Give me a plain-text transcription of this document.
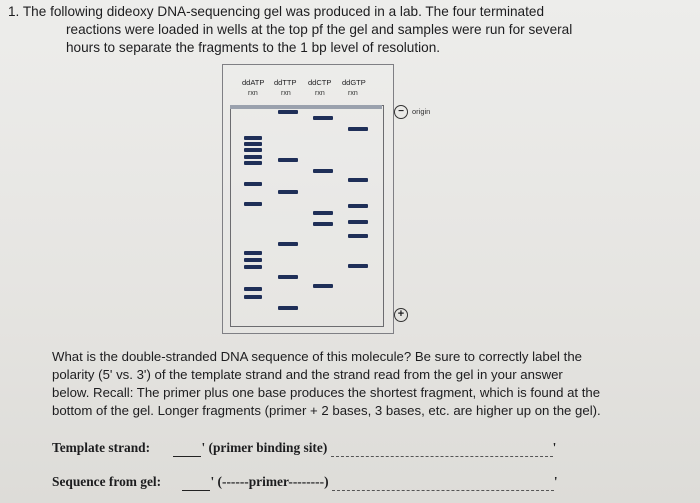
1. The following dideoxy DNA-sequencing gel was produced in a lab. The four terminated

reactions were loaded in wells at the top pf the gel and samples were run for several
hours to separate the fragments to the 1 bp level of resolution.
ddATP ddTTP ddCTP ddGTP
rxn	rxn	rxn	rxn
−	origin
+
What is the double-stranded DNA sequence of this molecule? Be sure to correctly label the
polarity (5' vs. 3') of the template strand and the strand read from the gel in your answer
below. Recall: The primer plus one base produces the shortest fragment, which is found at the
bottom of the gel. Longer fragments (primer + 2 bases, 3 bases, etc. are higher up on the gel).
Template strand:	' (primer binding site)	'
Sequence from gel:	' (------primer--------)	'
